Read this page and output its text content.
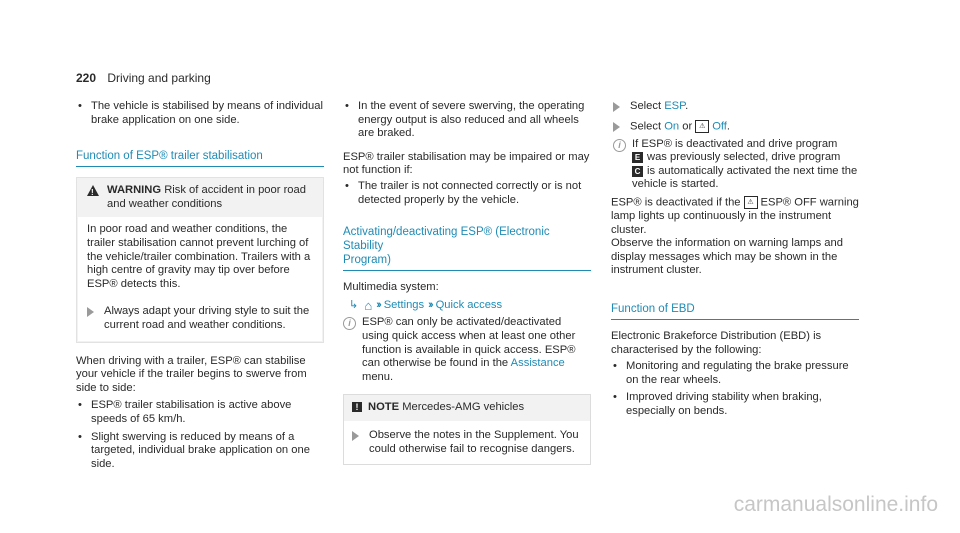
220 Driving and parking
• The vehicle is stabilised by means of individual brake application on one side.
Function of ESP® trailer stabilisation
!
WARNING Risk of accident in poor road and weather conditions
In poor road and weather conditions, the trailer stabilisation cannot prevent lurching of the vehicle/trailer combination. Trailers with a high centre of gravity may tip over before ESP® detects this.
Always adapt your driving style to suit the current road and weather conditions.
When driving with a trailer, ESP® can stabilise your vehicle if the trailer begins to swerve from side to side:
• ESP® trailer stabilisation is active above speeds of 65 km/h.
• Slight swerving is reduced by means of a targeted, individual brake application on one side.
• In the event of severe swerving, the operating energy output is also reduced and all wheels are braked.
ESP® trailer stabilisation may be impaired or may not function if:
• The trailer is not connected correctly or is not detected properly by the vehicle.
Activating/deactivating ESP® (Electronic Stability
Program)
Multimedia system:
↳ ⌂ ›› Settings ›› Quick access
i	ESP® can only be activated/deactivated using quick access when at least one other function is available in quick access. ESP® can otherwise be found in the Assistance menu.
! NOTE Mercedes-AMG vehicles
Observe the notes in the Supplement. You could otherwise fail to recognise dangers.
Select ESP.
Select On or ⚠ Off.
i	If ESP® is deactivated and drive program
E was previously selected, drive program
C is automatically activated the next time the vehicle is started.
ESP® is deactivated if the ⚠ ESP® OFF warning lamp lights up continuously in the instrument cluster.
Observe the information on warning lamps and display messages which may be shown in the instrument cluster.
Function of EBD
Electronic Brakeforce Distribution (EBD) is characterised by the following:
• Monitoring and regulating the brake pressure on the rear wheels.
• Improved driving stability when braking, especially on bends.
carmanualsonline.info
